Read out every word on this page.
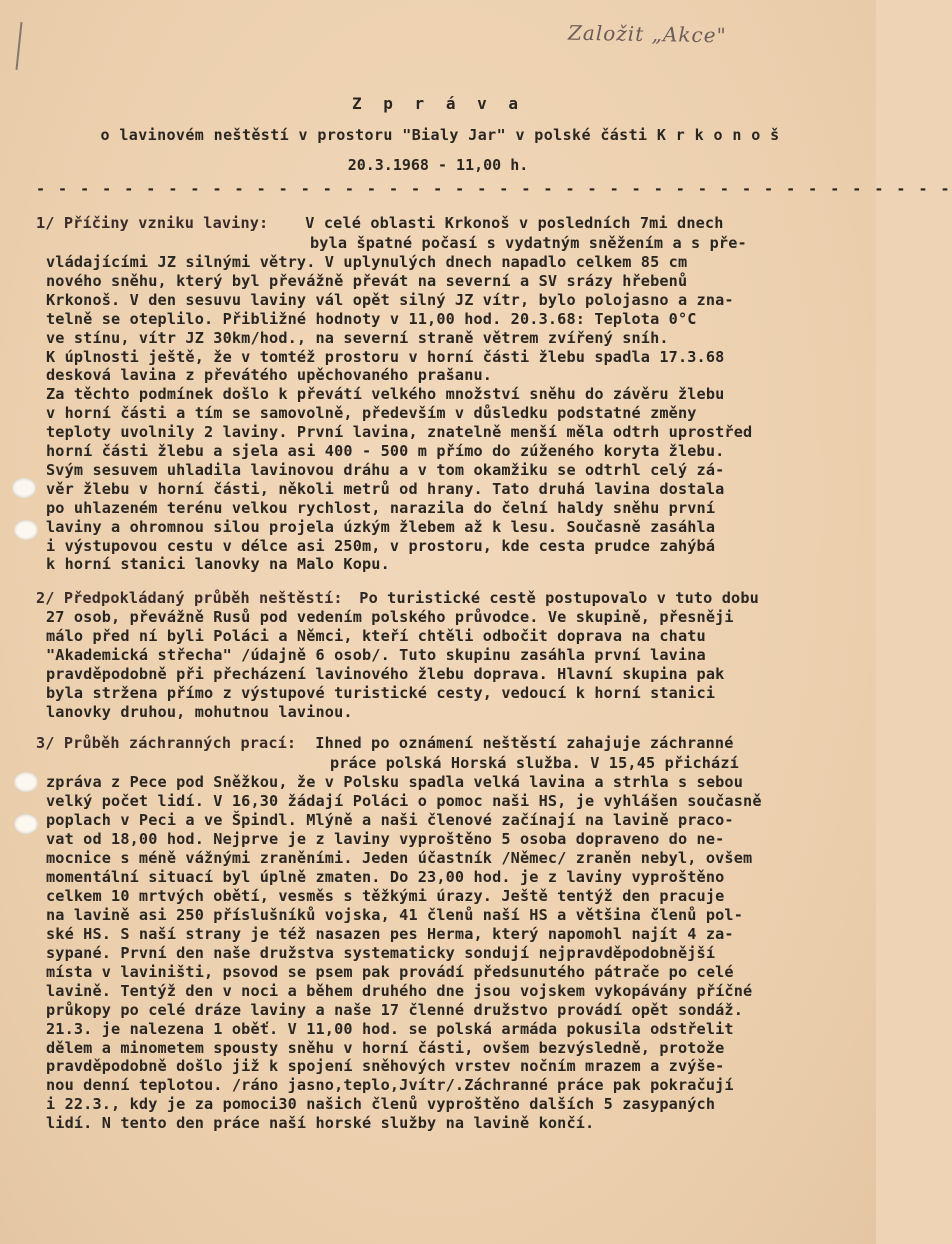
Založit „Akce"
Z p r á v a
o lavinovém neštěstí v prostoru "Bialy Jar" v polské části K r k o n o š
20.3.1968 - 11,00 h.
- - - - - - - - - - - - - - - - - - - - - - - - - - - - - - - - - - - - - - - - - -
1/ Příčiny vzniku laviny: V celé oblasti Krkonoš v posledních 7mi dnech
byla špatné počasí s vydatným sněžením a s pře-
vládajícími JZ silnými větry. V uplynulých dnech napadlo celkem 85 cm
nového sněhu, který byl převážně převát na severní a SV srázy hřebenů
Krkonoš. V den sesuvu laviny vál opět silný JZ vítr, bylo polojasno a zna-
telně se oteplilo. Přibližné hodnoty v 11,00 hod. 20.3.68: Teplota 0°C
ve stínu, vítr JZ 30km/hod., na severní straně větrem zvířený sníh.
K úplnosti ještě, že v tomtéž prostoru v horní části žlebu spadla 17.3.68
desková lavina z převátého upěchovaného prašanu.
Za těchto podmínek došlo k převátí velkého množství sněhu do závěru žlebu
v horní části a tím se samovolně, především v důsledku podstatné změny
teploty uvolnily 2 laviny. První lavina, znatelně menší měla odtrh uprostřed
horní části žlebu a sjela asi 400 - 500 m přímo do zúženého koryta žlebu.
Svým sesuvem uhladila lavinovou dráhu a v tom okamžiku se odtrhl celý zá-
věr žlebu v horní části, několi metrů od hrany. Tato druhá lavina dostala
po uhlazeném terénu velkou rychlost, narazila do čelní haldy sněhu první
laviny a ohromnou silou projela úzkým žlebem až k lesu. Současně zasáhla
i výstupovou cestu v délce asi 250m, v prostoru, kde cesta prudce zahýbá
k horní stanici lanovky na Malo Kopu.
2/ Předpokládaný průběh neštěstí: Po turistické cestě postupovalo v tuto dobu
27 osob, převážně Rusů pod vedením polského průvodce. Ve skupině, přesněji
málo před ní byli Poláci a Němci, kteří chtěli odbočit doprava na chatu
"Akademická střecha" /údajně 6 osob/. Tuto skupinu zasáhla první lavina
pravděpodobně při přecházení lavinového žlebu doprava. Hlavní skupina pak
byla stržena přímo z výstupové turistické cesty, vedoucí k horní stanici
lanovky druhou, mohutnou lavinou.
3/ Průběh záchranných prací: Ihned po oznámení neštěstí zahajuje záchranné
práce polská Horská služba. V 15,45 přichází
zpráva z Pece pod Sněžkou, že v Polsku spadla velká lavina a strhla s sebou
velký počet lidí. V 16,30 žádají Poláci o pomoc naši HS, je vyhlášen současně
poplach v Peci a ve Špindl. Mlýně a naši členové začínají na lavině praco-
vat od 18,00 hod. Nejprve je z laviny vyproštěno 5 osoba dopraveno do ne-
mocnice s méně vážnými zraněními. Jeden účastník /Němec/ zraněn nebyl, ovšem
momentální situací byl úplně zmaten. Do 23,00 hod. je z laviny vyproštěno
celkem 10 mrtvých obětí, vesměs s těžkými úrazy. Ještě tentýž den pracuje
na lavině asi 250 příslušníků vojska, 41 členů naší HS a většina členů pol-
ské HS. S naší strany je též nasazen pes Herma, který napomohl najít 4 za-
sypané. První den naše družstva systematicky sondují nejpravděpodobnější
místa v laviništi, psovod se psem pak provádí předsunutého pátrače po celé
lavině. Tentýž den v noci a během druhého dne jsou vojskem vykopávány příčné
průkopy po celé dráze laviny a naše 17 členné družstvo provádí opět sondáž.
21.3. je nalezena 1 oběť. V 11,00 hod. se polská armáda pokusila odstřelit
dělem a minometem spousty sněhu v horní části, ovšem bezvýsledně, protože
pravděpodobně došlo již k spojení sněhových vrstev nočním mrazem a zvýše-
nou denní teplotou. /ráno jasno,teplo,Jvítr/.Záchranné práce pak pokračují
i 22.3., kdy je za pomoci30 našich členů vyproštěno dalších 5 zasypaných
lidí. N tento den práce naší horské služby na lavině končí.
